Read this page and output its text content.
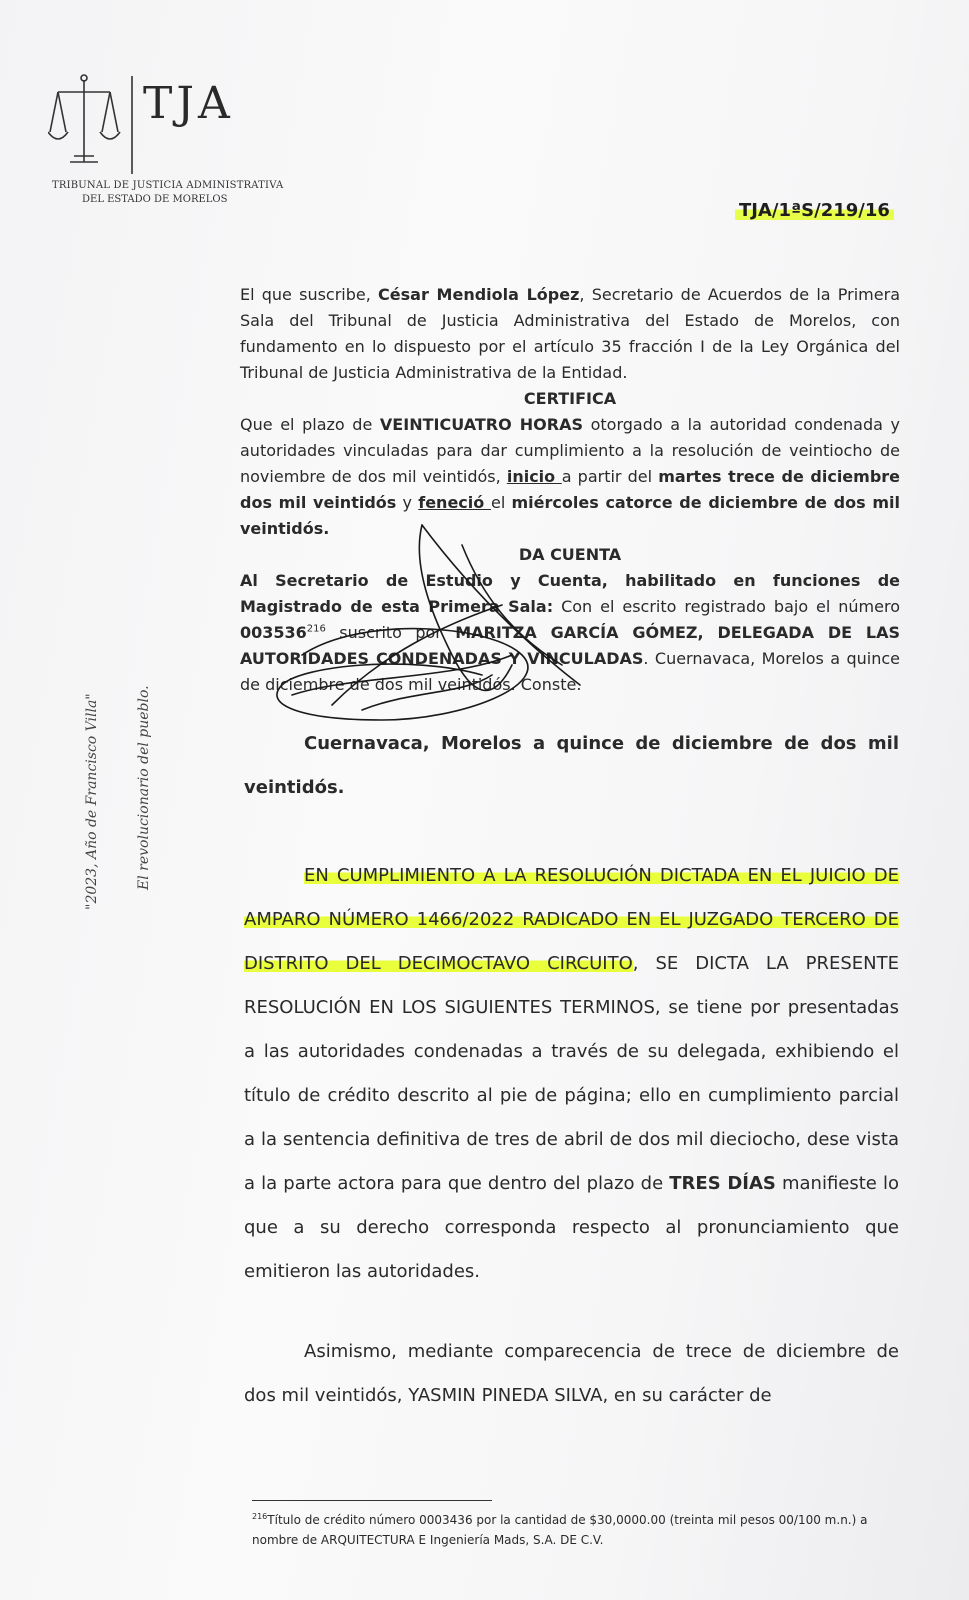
TJA
TRIBUNAL DE JUSTICIA ADMINISTRATIVA
DEL ESTADO DE MORELOS
TJA/1ªS/219/16
"2023, Año de Francisco Villa"	El revolucionario del pueblo.

El que suscribe, César Mendiola López, Secretario de Acuerdos de la Primera Sala del Tribunal de Justicia Administrativa del Estado de Morelos, con fundamento en lo dispuesto por el artículo 35 fracción I de la Ley Orgánica del Tribunal de Justicia Administrativa de la Entidad.

CERTIFICA

Que el plazo de VEINTICUATRO HORAS otorgado a la autoridad condenada y autoridades vinculadas para dar cumplimiento a la resolución de veintiocho de noviembre de dos mil veintidós, inicio a partir del martes trece de diciembre dos mil veintidós y feneció el miércoles catorce de diciembre de dos mil veintidós.

DA CUENTA

Al Secretario de Estudio y Cuenta, habilitado en funciones de Magistrado de esta Primera Sala: Con el escrito registrado bajo el número 003536$^{216}$ suscrito por MARITZA GARCÍA GÓMEZ, DELEGADA DE LAS AUTORIDADES CONDENADAS Y VINCULADAS. Cuernavaca, Morelos a quince de diciembre de dos mil veintidós. Conste.

Cuernavaca, Morelos a quince de diciembre de dos mil veintidós.

EN CUMPLIMIENTO A LA RESOLUCIÓN DICTADA EN EL JUICIO DE AMPARO NÚMERO 1466/2022 RADICADO EN EL JUZGADO TERCERO DE DISTRITO DEL DECIMOCTAVO CIRCUITO, SE DICTA LA PRESENTE RESOLUCIÓN EN LOS SIGUIENTES TERMINOS, se tiene por presentadas a las autoridades condenadas a través de su delegada, exhibiendo el título de crédito descrito al pie de página; ello en cumplimiento parcial a la sentencia definitiva de tres de abril de dos mil dieciocho, dese vista a la parte actora para que dentro del plazo de TRES DÍAS manifieste lo que a su derecho corresponda respecto al pronunciamiento que emitieron las autoridades.

Asimismo, mediante comparecencia de trece de diciembre de dos mil veintidós, YASMIN PINEDA SILVA, en su carácter de

$^{216}$Título de crédito número 0003436 por la cantidad de $30,0000.00 (treinta mil pesos 00/100 m.n.) a nombre de ARQUITECTURA E Ingeniería Mads, S.A. DE C.V.
